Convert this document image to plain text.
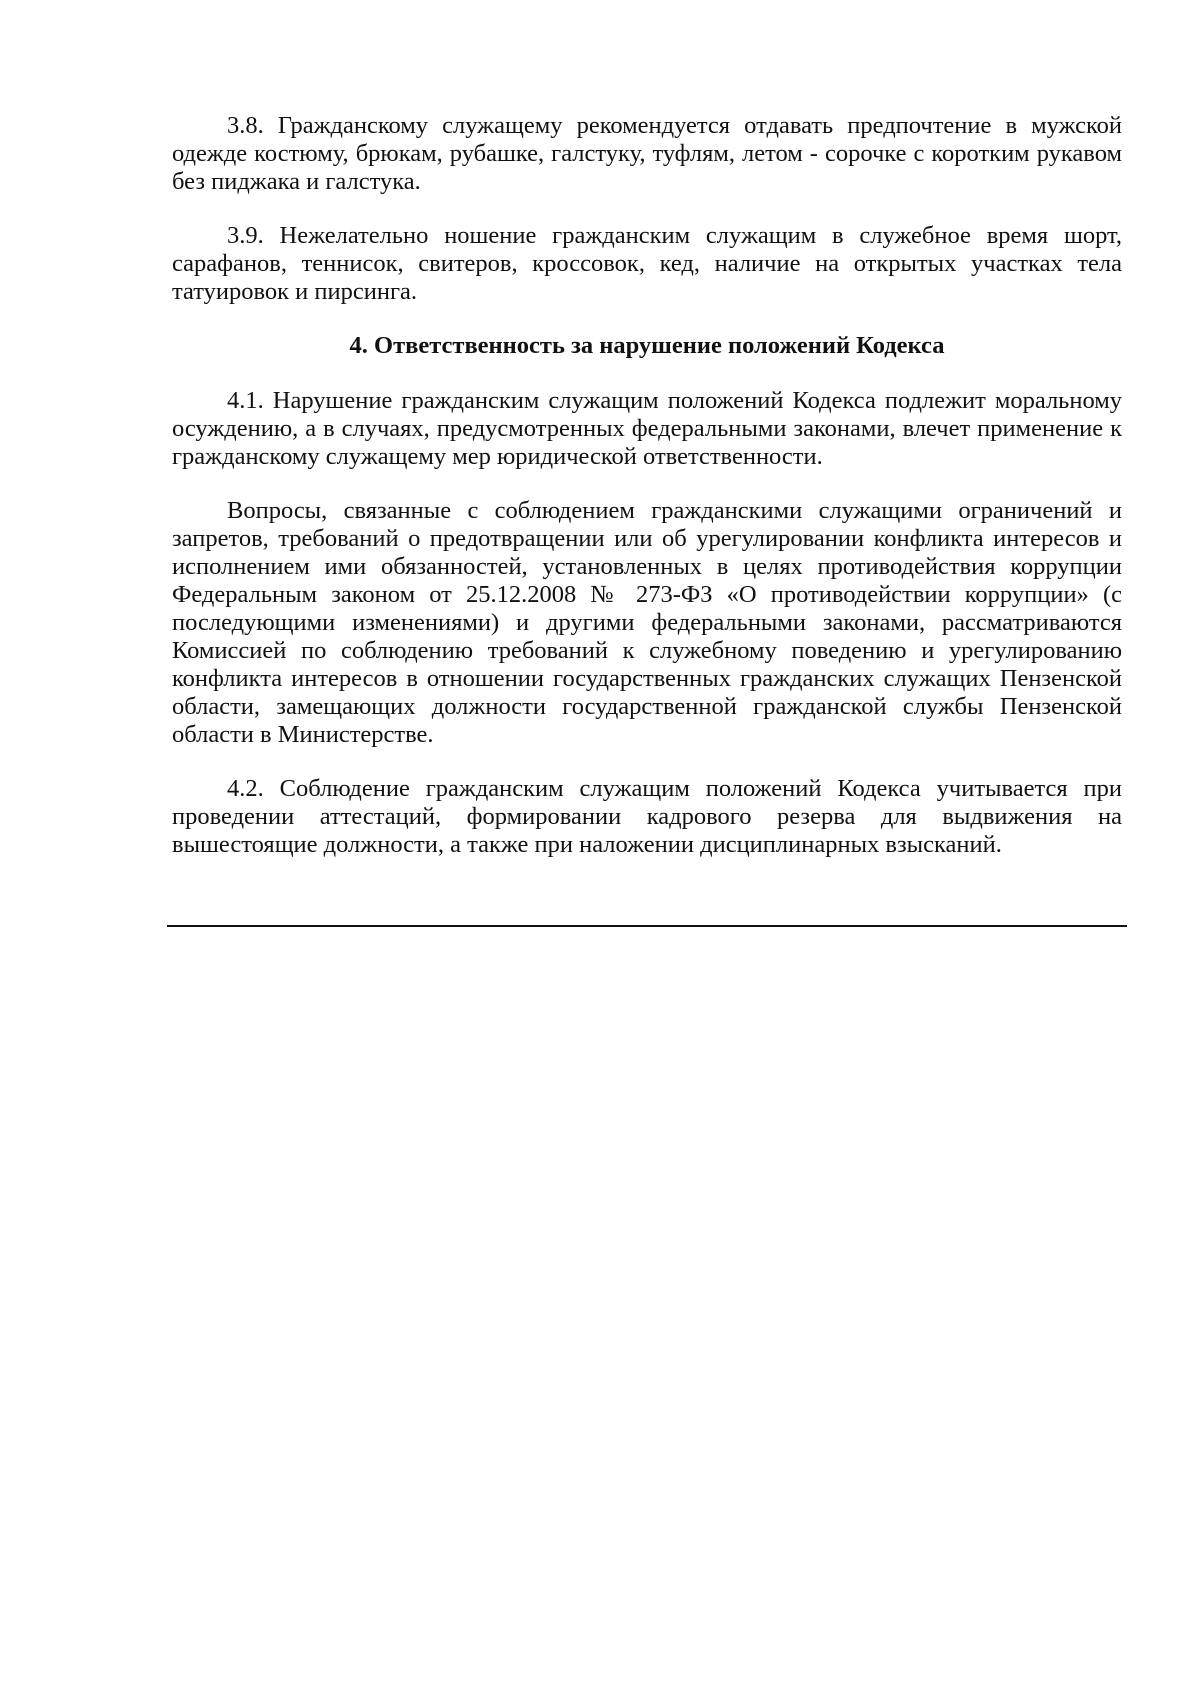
3.8. Гражданскому служащему рекомендуется отдавать предпочтение в мужской одежде костюму, брюкам, рубашке, галстуку, туфлям, летом - сорочке с коротким рукавом без пиджака и галстука.

3.9. Нежелательно ношение гражданским служащим в служебное время шорт, сарафанов, теннисок, свитеров, кроссовок, кед, наличие на открытых участках тела татуировок и пирсинга.

4. Ответственность за нарушение положений Кодекса

4.1. Нарушение гражданским служащим положений Кодекса подлежит моральному осуждению, а в случаях, предусмотренных федеральными законами, влечет применение к гражданскому служащему мер юридической ответственности.

Вопросы, связанные с соблюдением гражданскими служащими ограничений и запретов, требований о предотвращении или об урегулировании конфликта интересов и исполнением ими обязанностей, установленных в целях противодействия коррупции Федеральным законом от 25.12.2008 № 273-ФЗ «О противодействии коррупции» (с последующими изменениями) и другими федеральными законами, рассматриваются Комиссией по соблюдению требований к служебному поведению и урегулированию конфликта интересов в отношении государственных гражданских служащих Пензенской области, замещающих должности государственной гражданской службы Пензенской области в Министерстве.

4.2. Соблюдение гражданским служащим положений Кодекса учитывается при проведении аттестаций, формировании кадрового резерва для выдвижения на вышестоящие должности, а также при наложении дисциплинарных взысканий.
